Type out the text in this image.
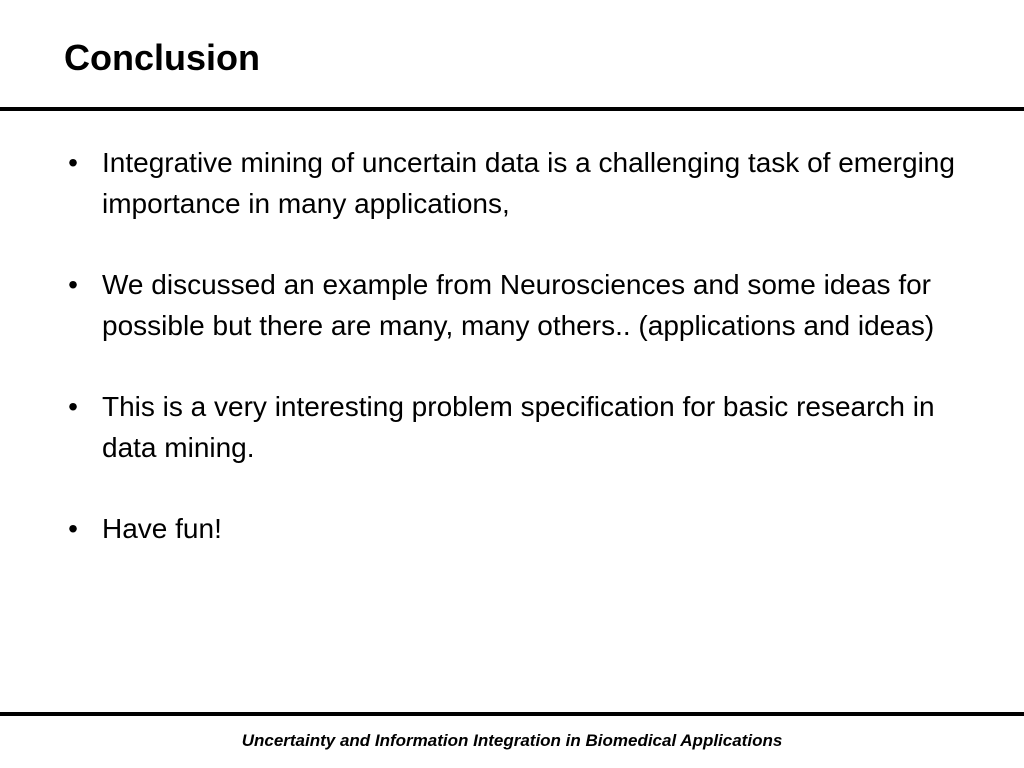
Conclusion
• Integrative mining of uncertain data is a challenging task of emerging importance in many applications,
• We discussed an example from Neurosciences and some ideas for possible but there are many, many others.. (applications and ideas)
• This is a very interesting problem specification for basic research in data mining.
• Have fun!
Uncertainty and Information Integration in Biomedical Applications
